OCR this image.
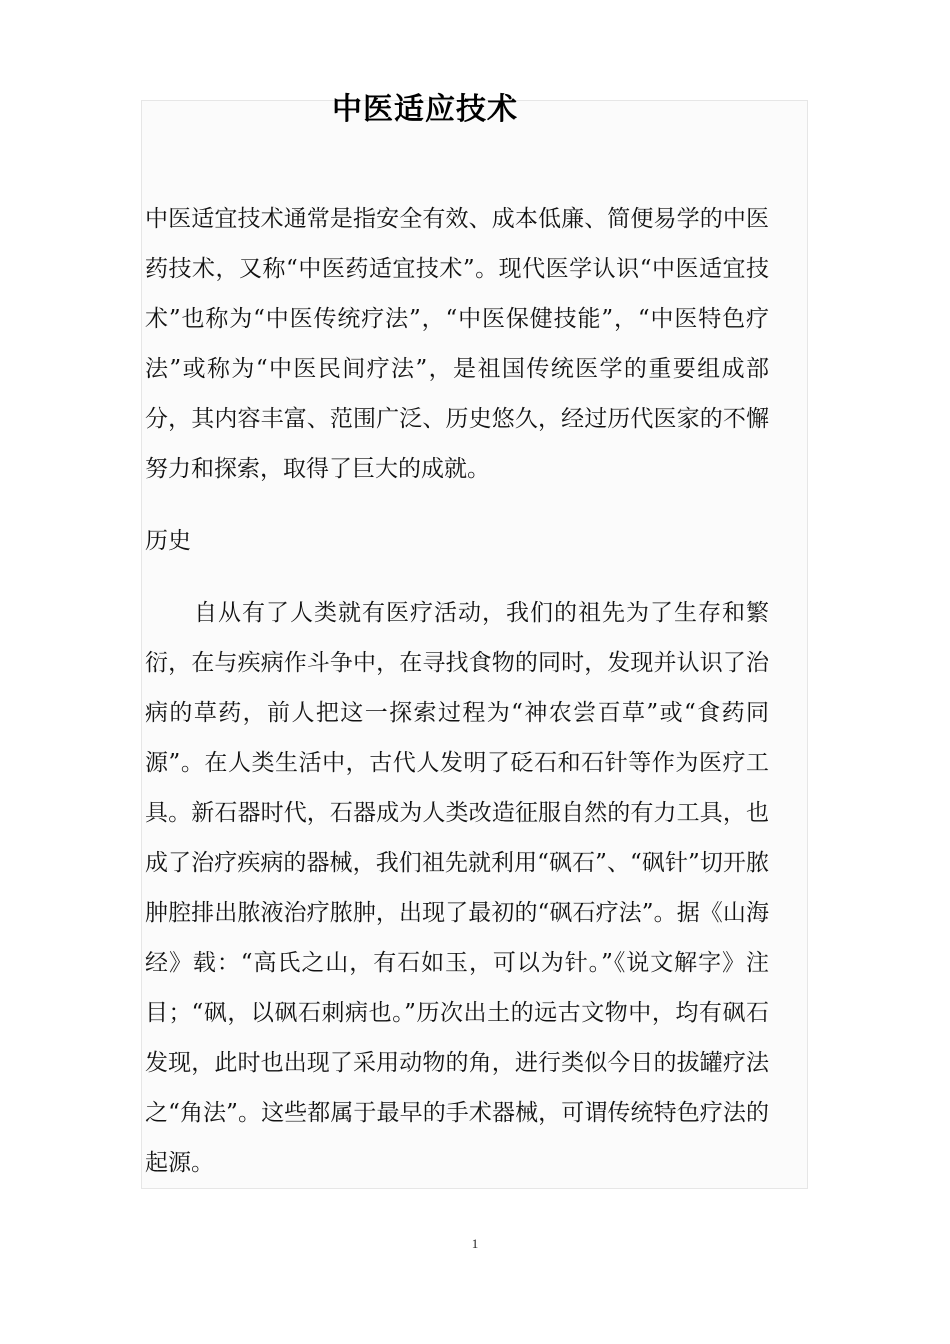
中医适应技术

中医适宜技术通常是指安全有效、成本低廉、简便易学的中医药技术，又称“中医药适宜技术”。现代医学认识“中医适宜技术”也称为“中医传统疗法”，“中医保健技能”，“中医特色疗法”或称为“中医民间疗法”，是祖国传统医学的重要组成部分，其内容丰富、范围广泛、历史悠久，经过历代医家的不懈努力和探索，取得了巨大的成就。

历史

自从有了人类就有医疗活动，我们的祖先为了生存和繁衍，在与疾病作斗争中，在寻找食物的同时，发现并认识了治病的草药，前人把这一探索过程为“神农尝百草”或“食药同源”。在人类生活中，古代人发明了砭石和石针等作为医疗工具。新石器时代，石器成为人类改造征服自然的有力工具，也成了治疗疾病的器械，我们祖先就利用“砜石”、“砜针”切开脓肿腔排出脓液治疗脓肿，出现了最初的“砜石疗法”。据《山海经》载：“高氏之山，有石如玉，可以为针。”《说文解字》注目；“砜，以砜石刺病也。”历次出土的远古文物中，均有砜石发现，此时也出现了采用动物的角，进行类似今日的拔罐疗法之“角法”。这些都属于最早的手术器械，可谓传统特色疗法的起源。

1
